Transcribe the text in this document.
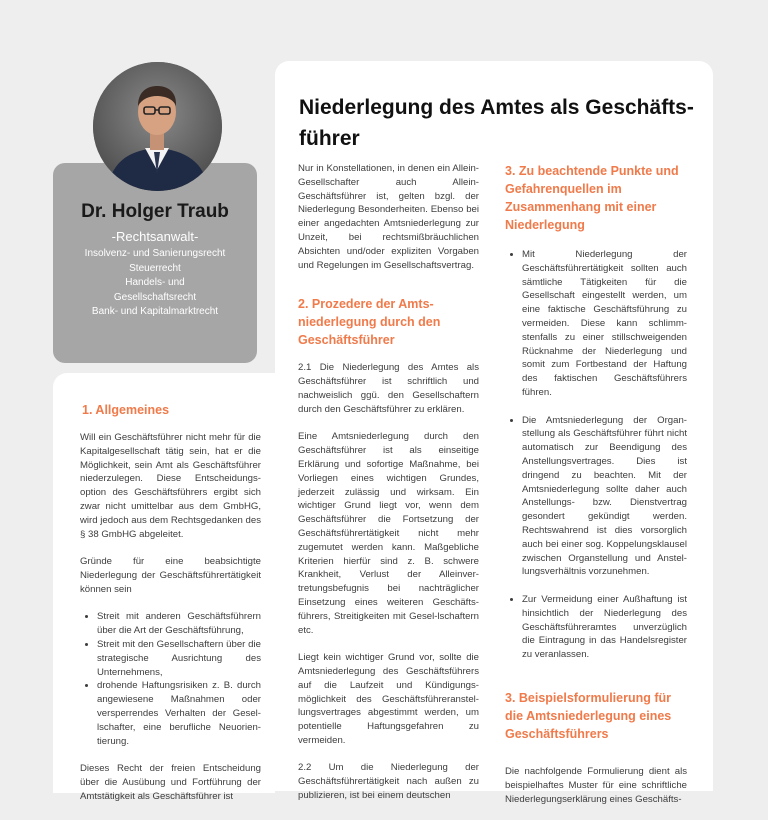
Dr. Holger Traub
-Rechtsanwalt-
Insolvenz- und Sanierungsrecht
Steuerrecht
Handels- und Gesellschaftsrecht
Bank- und Kapitalmarktrecht
Niederlegung des Amtes als Geschäfts-führer
1. Allgemeines

Will ein Geschäftsführer nicht mehr für die Kapitalgesellschaft tätig sein, hat er die Möglichkeit, sein Amt als Geschäftsführer niederzulegen. Diese Entscheidungs-option des Geschäftsführers ergibt sich zwar nicht umittelbar aus dem GmbHG, wird jedoch aus dem Rechtsgedanken des § 38 GmbHG abgeleitet.

Gründe für eine beabsichtigte Niederlegung der Geschäftsführertätigkeit können sein

• Streit mit anderen Geschäftsführern über die Art der Geschäftsführung,
• Streit mit den Gesellschaftern über die strategische Ausrichtung des Unternehmens,
• drohende Haftungsrisiken z. B. durch angewiesene Maßnahmen oder versperrendes Verhalten der Gesel-lschafter, eine berufliche Neuorien-tierung.

Dieses Recht der freien Entscheidung über die Ausübung und Fortführung der Amtstätigkeit als Geschäftsführer ist

Nur in Konstellationen, in denen ein Allein-Gesellschafter auch Allein-Geschäftsführer ist, gelten bzgl. der Niederlegung Besonderheiten. Ebenso bei einer angedachten Amtsniederlegung zur Unzeit, bei rechtsmißbräuchlichen Absichten und/oder expliziten Vorgaben und Regelungen im Gesellschaftsvertrag.

2. Prozedere der Amts-niederlegung durch den Geschäftsführer

2.1 Die Niederlegung des Amtes als Geschäftsführer ist schriftlich und nachweislich ggü. den Gesellschaftern durch den Geschäftsführer zu erklären.

Eine Amtsniederlegung durch den Geschäftsführer ist als einseitige Erklärung und sofortige Maßnahme, bei Vorliegen eines wichtigen Grundes, jederzeit zulässig und wirksam. Ein wichtiger Grund liegt vor, wenn dem Geschäftsführer die Fortsetzung der Geschäftsführertätigkeit nicht mehr zugemutet werden kann. Maßgebliche Kriterien hierfür sind z. B. schwere Krankheit, Verlust der Alleinver-tretungsbefugnis bei nachträglicher Einsetzung eines weiteren Geschäfts-führers, Streitigkeiten mit Gesel-lschaftern etc.

Liegt kein wichtiger Grund vor, sollte die Amtsniederlegung des Geschäftsführers auf die Laufzeit und Kündigungs-möglichkeit des Geschäftsführeranstel-lungsvertrages abgestimmt werden, um potentielle Haftungsgefahren zu vermeiden.

2.2 Um die Niederlegung der Geschäftsführertätigkeit nach außen zu publizieren, ist bei einem deutschen

3. Zu beachtende Punkte und Gefahrenquellen im Zusammenhang mit einer Niederlegung
• Mit Niederlegung der Geschäftsführertätigkeit sollten auch sämtliche Tätigkeiten für die Gesellschaft eingestellt werden, um eine faktische Geschäftsführung zu vermeiden. Diese kann schlimm-stenfalls zu einer stillschweigenden Rücknahme der Niederlegung und somit zum Fortbestand der Haftung des faktischen Geschäftsführers führen.
• Die Amtsniederlegung der Organ-stellung als Geschäftsführer führt nicht automatisch zur Beendigung des Anstellungsvertrages. Dies ist dringend zu beachten. Mit der Amtsniederlegung sollte daher auch Anstellungs- bzw. Dienstvertrag gesondert gekündigt werden. Rechtswahrend ist dies vorsorglich auch bei einer sog. Koppelungsklausel zwischen Organstellung und Anstel-lungsverhältnis vorzunehmen.
• Zur Vermeidung einer Außhaftung ist hinsichtlich der Niederlegung des Geschäftsführeramtes unverzüglich die Eintragung in das Handelsregister zu veranlassen.
3. Beispielsformulierung für die Amtsniederlegung eines Geschäftsführers

Die nachfolgende Formulierung dient als beispielhaftes Muster für eine schriftliche Niederlegungserklärung eines Geschäfts-
